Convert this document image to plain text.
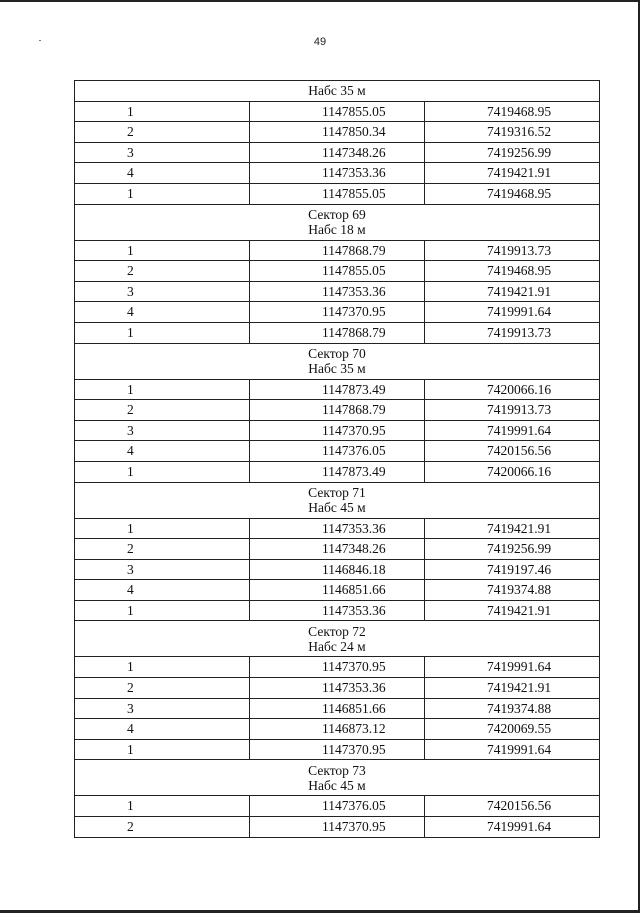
49
Набс 35 м		

1	1147855.05	7419468.95
2	1147850.34	7419316.52
3	1147348.26	7419256.99
4	1147353.36	7419421.91
1	1147855.05	7419468.95

Сектор 69
Набс 18 м		

1	1147868.79	7419913.73
2	1147855.05	7419468.95
3	1147353.36	7419421.91
4	1147370.95	7419991.64
1	1147868.79	7419913.73

Сектор 70
Набс 35 м		

1	1147873.49	7420066.16
2	1147868.79	7419913.73
3	1147370.95	7419991.64
4	1147376.05	7420156.56
1	1147873.49	7420066.16

Сектор 71
Набс 45 м		

1	1147353.36	7419421.91
2	1147348.26	7419256.99
3	1146846.18	7419197.46
4	1146851.66	7419374.88
1	1147353.36	7419421.91

Сектор 72
Набс 24 м		

1	1147370.95	7419991.64
2	1147353.36	7419421.91
3	1146851.66	7419374.88
4	1146873.12	7420069.55
1	1147370.95	7419991.64

Сектор 73
Набс 45 м		

1	1147376.05	7420156.56
2	1147370.95	7419991.64
